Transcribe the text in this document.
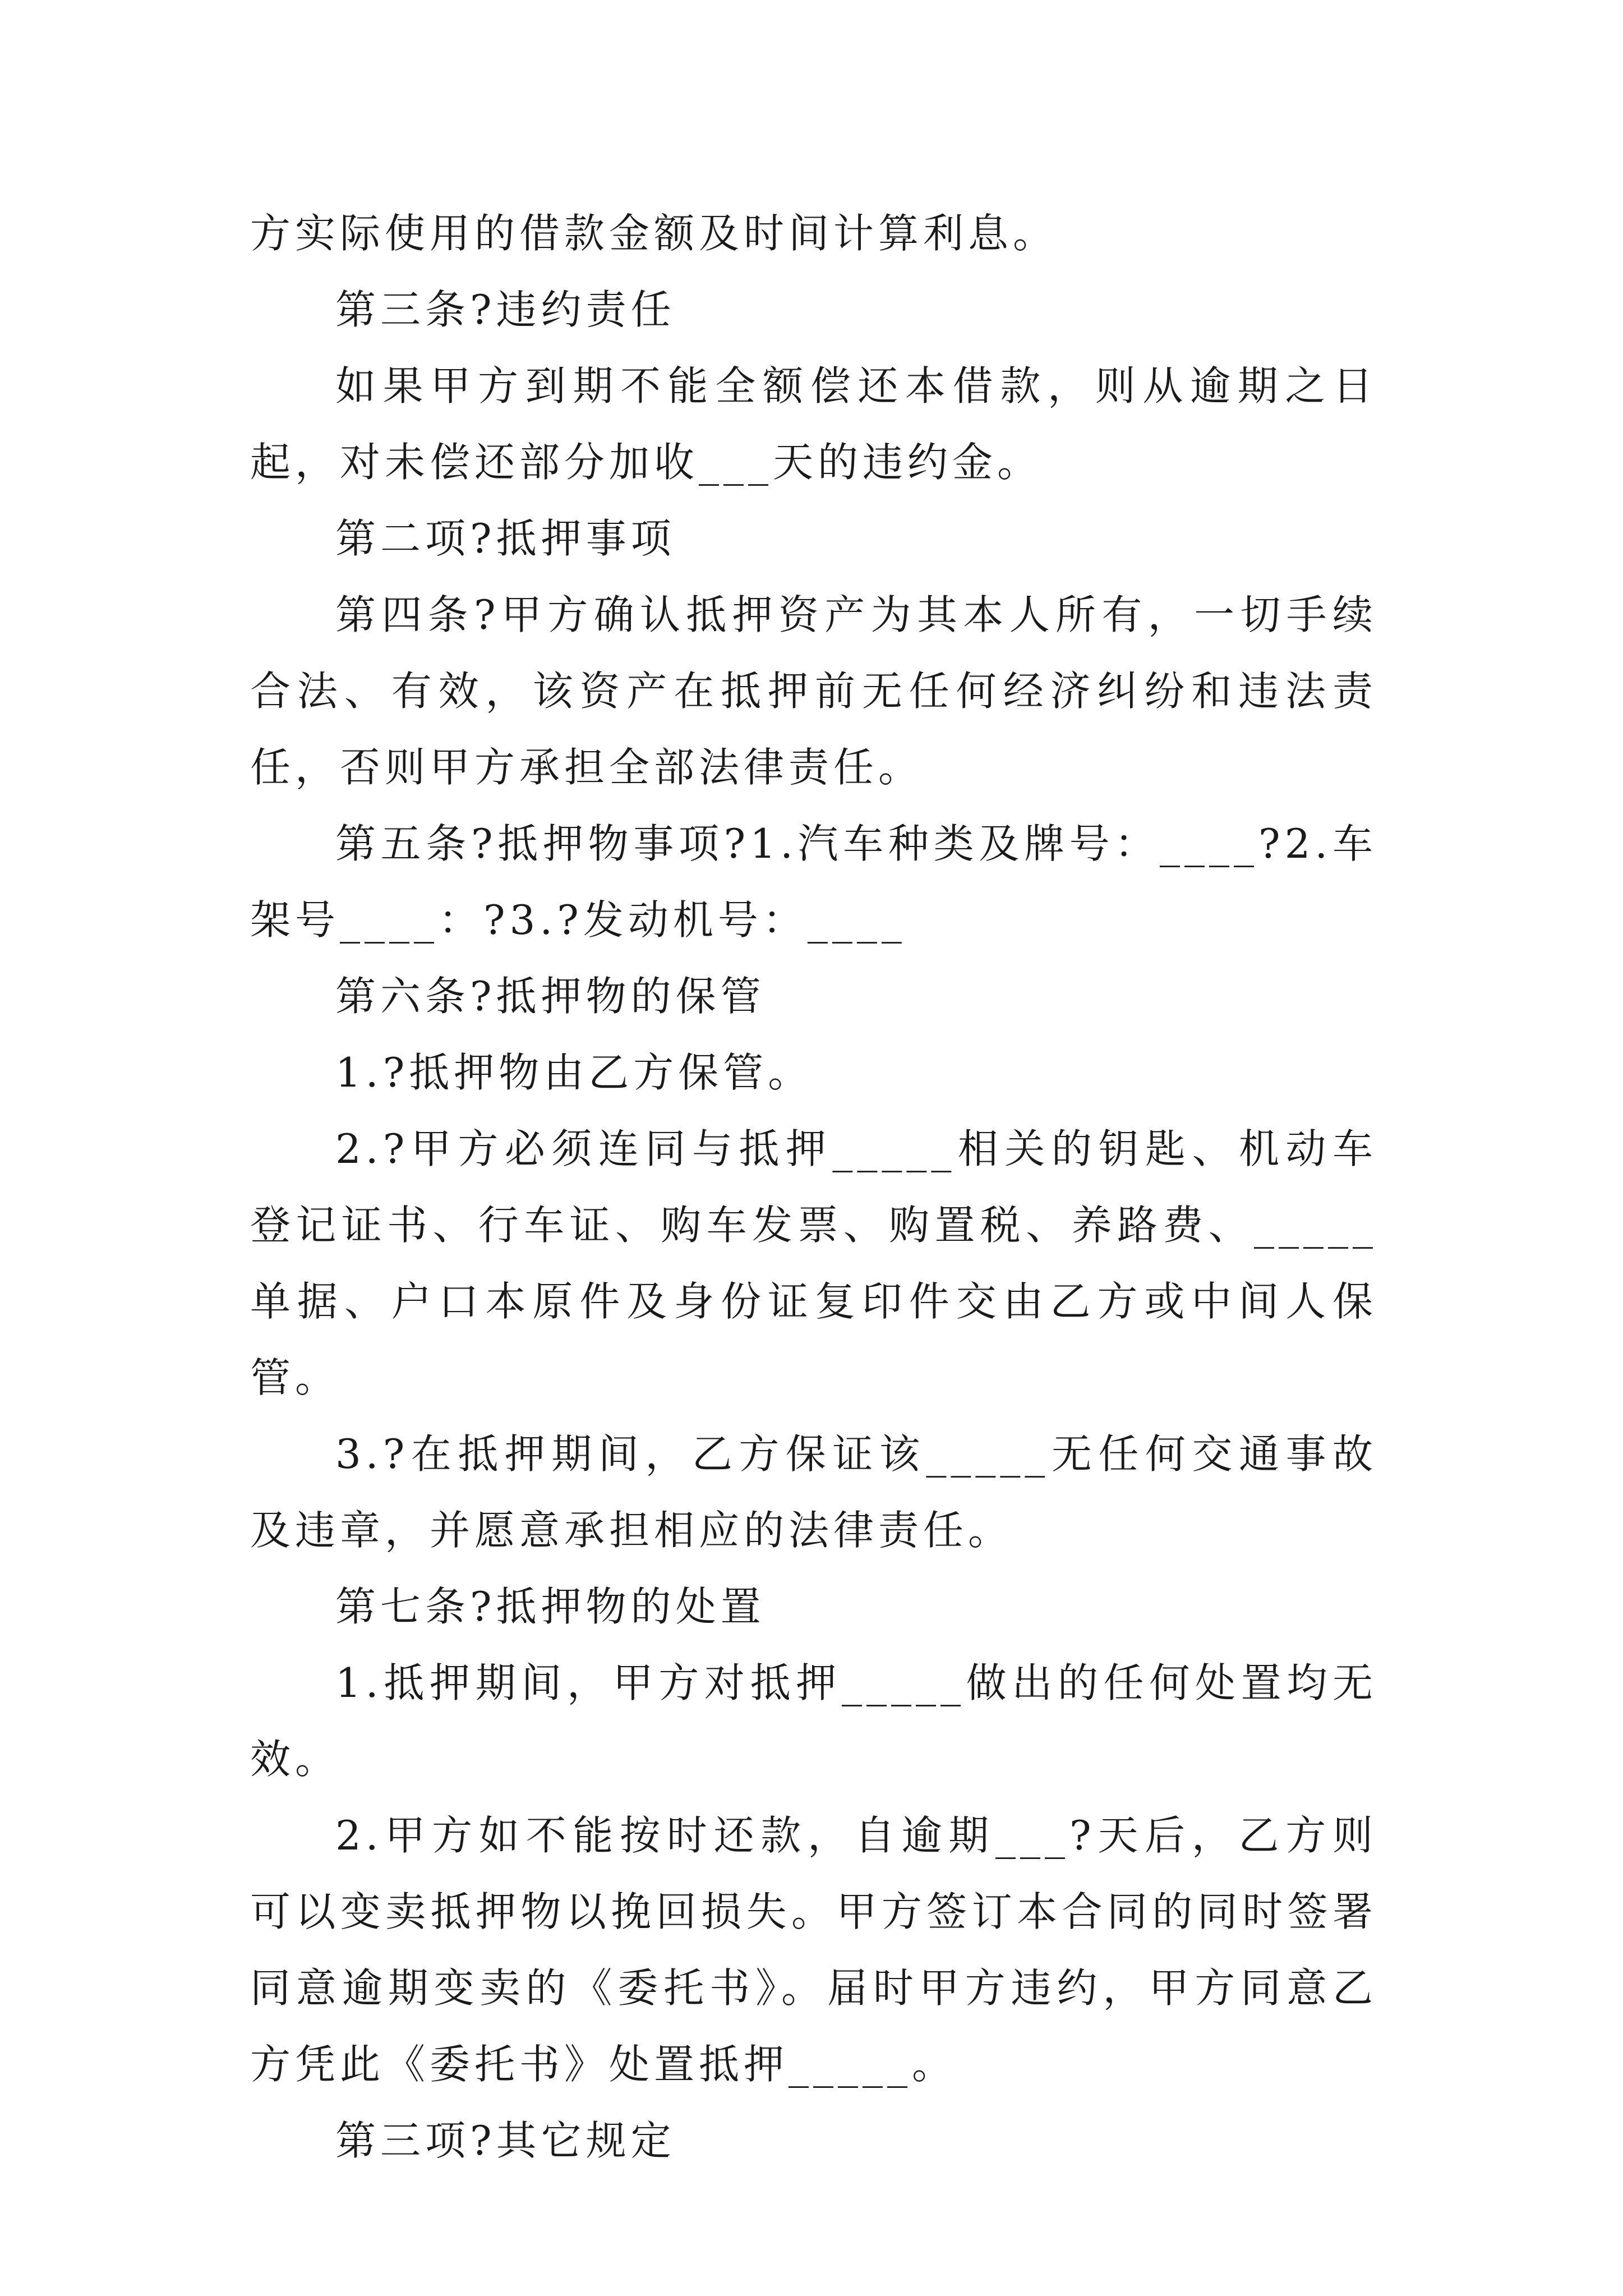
方实际使用的借款金额及时间计算利息。

第三条?违约责任

如果甲方到期不能全额偿还本借款，则从逾期之日起，对未偿还部分加收___天的违约金。

第二项?抵押事项

第四条?甲方确认抵押资产为其本人所有，一切手续合法、有效，该资产在抵押前无任何经济纠纷和违法责任，否则甲方承担全部法律责任。

第五条?抵押物事项?1.汽车种类及牌号：____?2.车架号____：?3.?发动机号：____

第六条?抵押物的保管

1.?抵押物由乙方保管。

2.?甲方必须连同与抵押_____相关的钥匙、机动车登记证书、行车证、购车发票、购置税、养路费、_____单据、户口本原件及身份证复印件交由乙方或中间人保管。

3.?在抵押期间，乙方保证该_____无任何交通事故及违章，并愿意承担相应的法律责任。

第七条?抵押物的处置

1.抵押期间，甲方对抵押_____做出的任何处置均无效。

2.甲方如不能按时还款，自逾期___?天后，乙方则可以变卖抵押物以挽回损失。甲方签订本合同的同时签署同意逾期变卖的《委托书》。届时甲方违约，甲方同意乙方凭此《委托书》处置抵押_____。

第三项?其它规定
